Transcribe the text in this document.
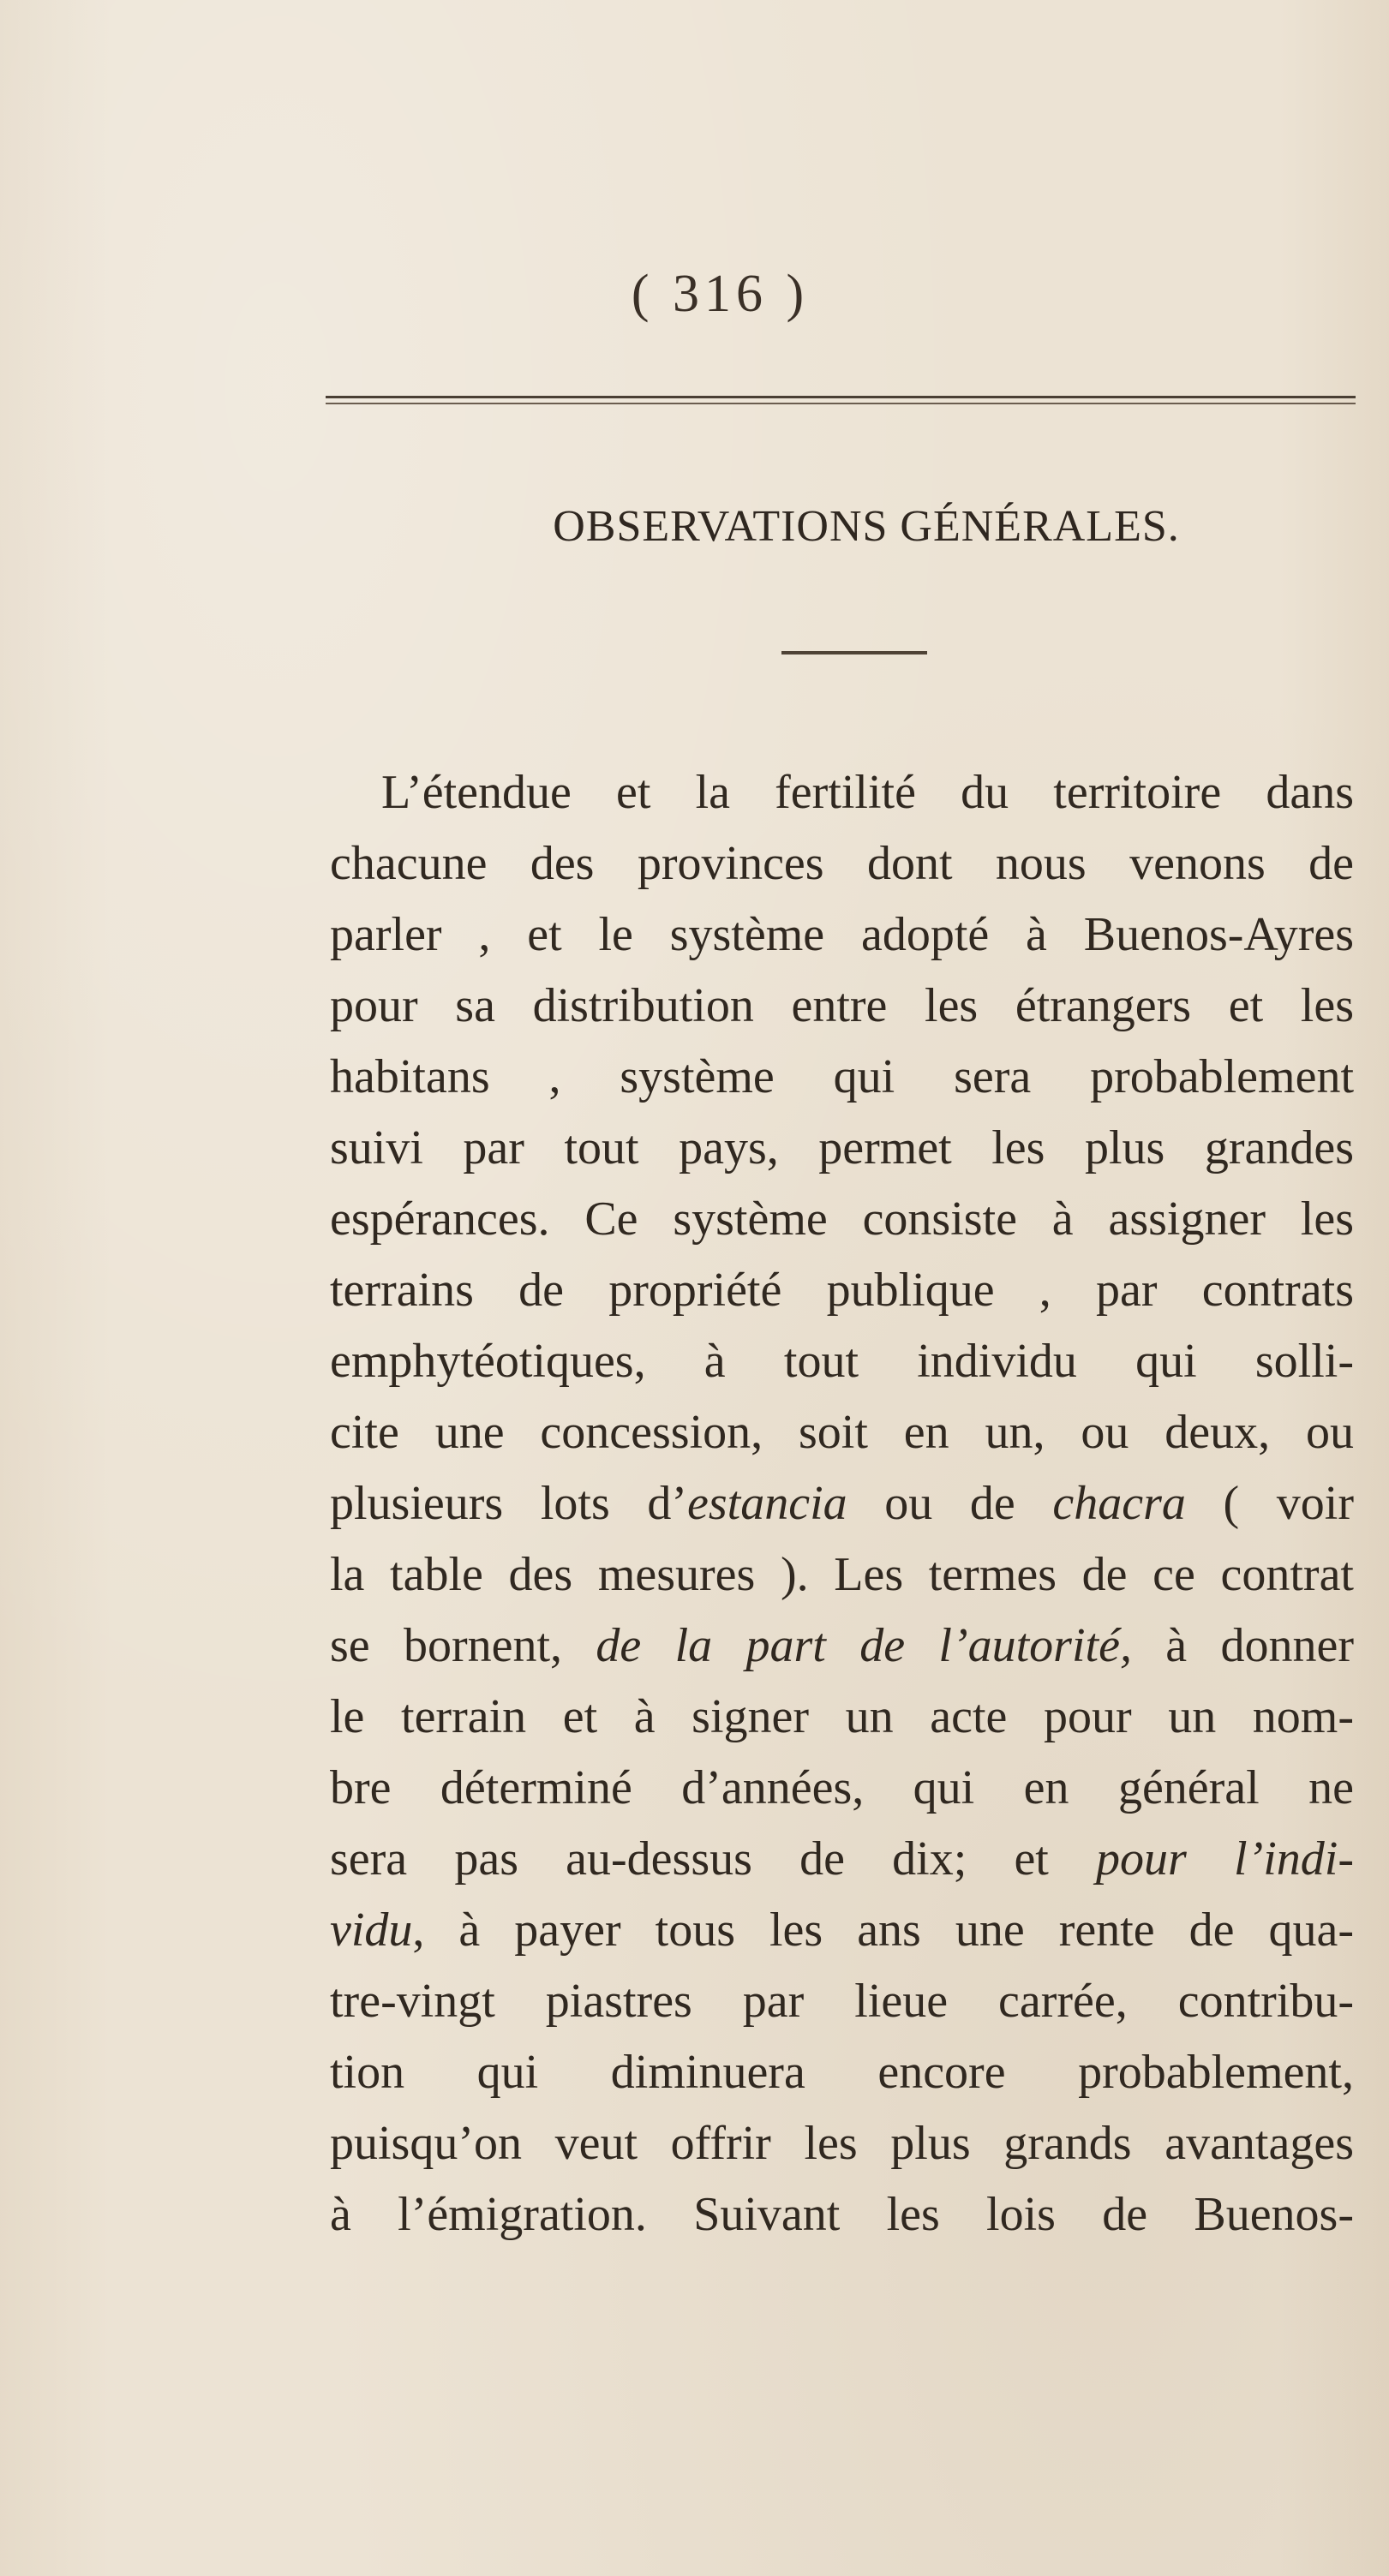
( 316 )
OBSERVATIONS GÉNÉRALES.
L’étendue et la fertilité du territoire dans
chacune des provinces dont nous venons de
parler , et le système adopté à Buenos-Ayres
pour sa distribution entre les étrangers et les
habitans , système qui sera probablement
suivi par tout pays, permet les plus grandes
espérances. Ce système consiste à assigner les
terrains de propriété publique , par contrats
emphytéotiques, à tout individu qui solli-
cite une concession, soit en un, ou deux, ou
plusieurs lots d’estancia ou de chacra ( voir
la table des mesures ). Les termes de ce contrat
se bornent, de la part de l’autorité, à donner
le terrain et à signer un acte pour un nom-
bre déterminé d’années, qui en général ne
sera pas au-dessus de dix; et pour l’indi-
vidu, à payer tous les ans une rente de qua-
tre-vingt piastres par lieue carrée, contribu-
tion qui diminuera encore probablement,
puisqu’on veut offrir les plus grands avantages
à l’émigration. Suivant les lois de Buenos-
